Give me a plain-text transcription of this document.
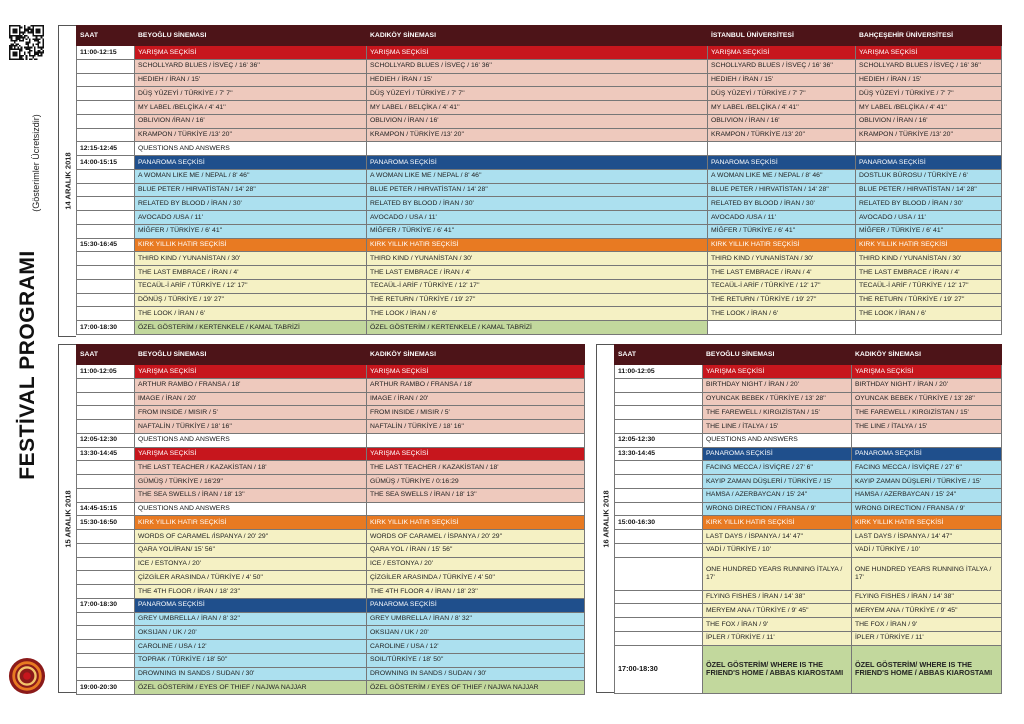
FESTİVAL PROGRAMI
(Gösterimler Ücretsizdir)	14 ARALIK 2018
SAAT	BEYOĞLU SİNEMASI	KADIKÖY SİNEMASI	İSTANBUL ÜNİVERSİTESİ	BAHÇEŞEHİR ÜNİVERSİTESİ
11:00-12:15	YARIŞMA SEÇKİSİ	YARIŞMA SEÇKİSİ	YARIŞMA SEÇKİSİ	YARIŞMA SEÇKİSİ
	SCHOLLYARD BLUES / İSVEÇ / 16' 36''	SCHOLLYARD BLUES / İSVEÇ / 16' 36''	SCHOLLYARD BLUES / İSVEÇ / 16' 36''	SCHOLLYARD BLUES / İSVEÇ / 16' 36''
	HEDIEH / İRAN / 15'	HEDIEH / İRAN / 15'	HEDIEH / İRAN / 15'	HEDIEH / İRAN / 15'
	DÜŞ YÜZEYİ / TÜRKİYE / 7' 7''	DÜŞ YÜZEYİ / TÜRKİYE / 7' 7''	DÜŞ YÜZEYİ / TÜRKİYE / 7' 7''	DÜŞ YÜZEYİ / TÜRKİYE / 7' 7''
	MY LABEL /BELÇİKA / 4' 41''	MY LABEL / BELÇİKA / 4' 41''	MY LABEL /BELÇİKA / 4' 41''	MY LABEL /BELÇİKA / 4' 41''
	OBLIVION /İRAN / 16'	OBLIVION / İRAN / 16'	OBLIVION / İRAN / 16'	OBLIVION / İRAN / 16'
	KRAMPON / TÜRKİYE /13' 20''	KRAMPON / TÜRKİYE /13' 20''	KRAMPON / TÜRKİYE /13' 20''	KRAMPON / TÜRKİYE /13' 20''
12:15-12:45	QUESTIONS AND ANSWERS			
14:00-15:15	PANAROMA SEÇKİSİ	PANAROMA SEÇKİSİ	PANAROMA SEÇKİSİ	PANAROMA SEÇKİSİ
	A WOMAN LIKE ME / NEPAL / 8' 46''	A WOMAN LIKE ME / NEPAL / 8' 46''	A WOMAN LIKE ME / NEPAL / 8' 46''	DOSTLUK BÜROSU / TÜRKİYE / 6'
	BLUE PETER / HIRVATİSTAN / 14' 28''	BLUE PETER / HIRVATİSTAN / 14' 28''	BLUE PETER / HIRVATİSTAN / 14' 28''	BLUE PETER / HIRVATİSTAN / 14' 28''
	RELATED BY BLOOD / İRAN / 30'	RELATED BY BLOOD / İRAN / 30'	RELATED BY BLOOD / İRAN / 30'	RELATED BY BLOOD / İRAN / 30'
	AVOCADO /USA / 11'	AVOCADO / USA / 11'	AVOCADO /USA / 11'	AVOCADO / USA / 11'
	MİĞFER / TÜRKİYE / 6' 41''	MİĞFER / TÜRKİYE / 6' 41''	MİĞFER / TÜRKİYE / 6' 41''	MİĞFER / TÜRKİYE / 6' 41''
15:30-16:45	KIRK YILLIK HATIR SEÇKİSİ	KIRK YILLIK HATIR SEÇKİSİ	KIRK YILLIK HATIR SEÇKİSİ	KIRK YILLIK HATIR SEÇKİSİ
	THIRD KIND / YUNANİSTAN / 30'	THIRD KIND / YUNANİSTAN / 30'	THIRD KIND / YUNANİSTAN / 30'	THIRD KIND / YUNANİSTAN / 30'
	THE LAST EMBRACE / İRAN / 4'	THE LAST EMBRACE / İRAN / 4'	THE LAST EMBRACE / İRAN / 4'	THE LAST EMBRACE / İRAN / 4'
	TECAÜL-İ ARİF / TÜRKİYE / 12' 17''	TECAÜL-İ ARİF / TÜRKİYE / 12' 17''	TECAÜL-İ ARİF / TÜRKİYE / 12' 17''	TECAÜL-İ ARİF / TÜRKİYE / 12' 17''
	DÖNÜŞ / TÜRKİYE / 19' 27''	THE RETURN / TÜRKİYE / 19' 27''	THE RETURN / TÜRKİYE / 19' 27''	THE RETURN / TÜRKİYE / 19' 27''
	THE LOOK / İRAN / 6'	THE LOOK / İRAN / 6'	THE LOOK / İRAN / 6'	THE LOOK / İRAN / 6'
17:00-18:30	ÖZEL GÖSTERİM / KERTENKELE / KAMAL TABRİZİ	ÖZEL GÖSTERİM / KERTENKELE / KAMAL TABRİZİ		
15 ARALIK 2018
SAAT	BEYOĞLU SİNEMASI	KADIKÖY SİNEMASI
11:00-12:05	YARIŞMA SEÇKİSİ	YARIŞMA SEÇKİSİ
	ARTHUR RAMBO / FRANSA / 18'	ARTHUR RAMBO / FRANSA / 18'
	IMAGE / İRAN / 20'	IMAGE / İRAN / 20'
	FROM INSIDE / MISIR / 5'	FROM INSIDE / MISIR / 5'
	NAFTALİN / TÜRKİYE / 18' 16''	NAFTALİN / TÜRKİYE / 18' 16''
12:05-12:30	QUESTIONS AND ANSWERS	
13:30-14:45	YARIŞMA SEÇKİSİ	YARIŞMA SEÇKİSİ
	THE LAST TEACHER / KAZAKİSTAN / 18'	THE LAST TEACHER / KAZAKİSTAN / 18'
	GÜMÜŞ / TÜRKİYE / 16'29''	GÜMÜŞ / TÜRKİYE / 0:16:29
	THE SEA SWELLS / İRAN / 18' 13''	THE SEA SWELLS / İRAN / 18' 13''
14:45-15:15	QUESTIONS AND ANSWERS	
15:30-16:50	KIRK YILLIK HATIR SEÇKİSİ	KIRK YILLIK HATIR SEÇKİSİ
	WORDS OF CARAMEL /İSPANYA / 20' 29''	WORDS OF CARAMEL / İSPANYA / 20' 29''
	QARA YOL/İRAN/ 15' 56''	QARA YOL / İRAN / 15' 56''
	ICE / ESTONYA / 20'	ICE / ESTONYA / 20'
	ÇİZGİLER ARASINDA / TÜRKİYE / 4' 50''	ÇİZGİLER ARASINDA / TÜRKİYE / 4' 50''
	THE 4TH FLOOR / İRAN / 18' 23''	THE 4TH FLOOR 4 / İRAN / 18' 23''
17:00-18:30	PANAROMA SEÇKİSİ	PANAROMA SEÇKİSİ
	GREY UMBRELLA / İRAN / 8' 32''	GREY UMBRELLA / İRAN / 8' 32''
	OKSIJAN / UK / 20'	OKSIJAN / UK / 20'
	CAROLINE / USA / 12'	CAROLINE / USA / 12'
	TOPRAK / TÜRKİYE / 18' 50''	SOIL/TÜRKİYE / 18' 50''
	DROWNING IN SANDS / SUDAN / 30'	DROWNING IN SANDS / SUDAN / 30'
19:00-20:30	ÖZEL GÖSTERİM / EYES OF THIEF / NAJWA NAJJAR	ÖZEL GÖSTERİM / EYES OF THIEF / NAJWA NAJJAR
16 ARALIK 2018
SAAT	BEYOĞLU SİNEMASI	KADIKÖY SİNEMASI
11:00-12:05	YARIŞMA SEÇKİSİ	YARIŞMA SEÇKİSİ
	BIRTHDAY NIGHT / İRAN / 20'	BIRTHDAY NIGHT / İRAN / 20'
	OYUNCAK BEBEK / TÜRKİYE / 13' 28''	OYUNCAK BEBEK / TÜRKİYE / 13' 28''
	THE FAREWELL / KIRGIZİSTAN / 15'	THE FAREWELL / KIRGIZİSTAN / 15'
	THE LINE / İTALYA / 15'	THE LINE / İTALYA / 15'
12:05-12:30	QUESTIONS AND ANSWERS	
13:30-14:45	PANAROMA SEÇKİSİ	PANAROMA SEÇKİSİ
	FACING MECCA / İSVİÇRE / 27' 6''	FACING MECCA / İSVİÇRE / 27' 6''
	KAYIP ZAMAN DÜŞLERİ / TÜRKİYE / 15'	KAYIP ZAMAN DÜŞLERİ / TÜRKİYE / 15'
	HAMSA / AZERBAYCAN / 15' 24''	HAMSA / AZERBAYCAN / 15' 24''
	WRONG DIRECTION / FRANSA / 9'	WRONG DIRECTION / FRANSA / 9'
15:00-16:30	KIRK YILLIK HATIR SEÇKİSİ	KIRK YILLIK HATIR SEÇKİSİ
	LAST DAYS / İSPANYA / 14' 47''	LAST DAYS / İSPANYA / 14' 47''
	VADİ / TÜRKİYE / 10'	VADİ / TÜRKİYE / 10'
	ONE HUNDRED YEARS RUNNING İTALYA / 17'	ONE HUNDRED YEARS RUNNING İTALYA / 17'
	FLYING FISHES / İRAN / 14' 38''	FLYING FISHES / İRAN / 14' 38''
	MERYEM ANA / TÜRKİYE / 9' 45''	MERYEM ANA / TÜRKİYE / 9' 45''
	THE FOX / İRAN / 9'	THE FOX / İRAN / 9'
	İPLER / TÜRKİYE / 11'	İPLER / TÜRKİYE / 11'
17:00-18:30	ÖZEL GÖSTERİM/ WHERE IS THE FRIEND'S HOME / ABBAS KIAROSTAMI	ÖZEL GÖSTERİM/ WHERE IS THE FRIEND'S HOME / ABBAS KIAROSTAMI
